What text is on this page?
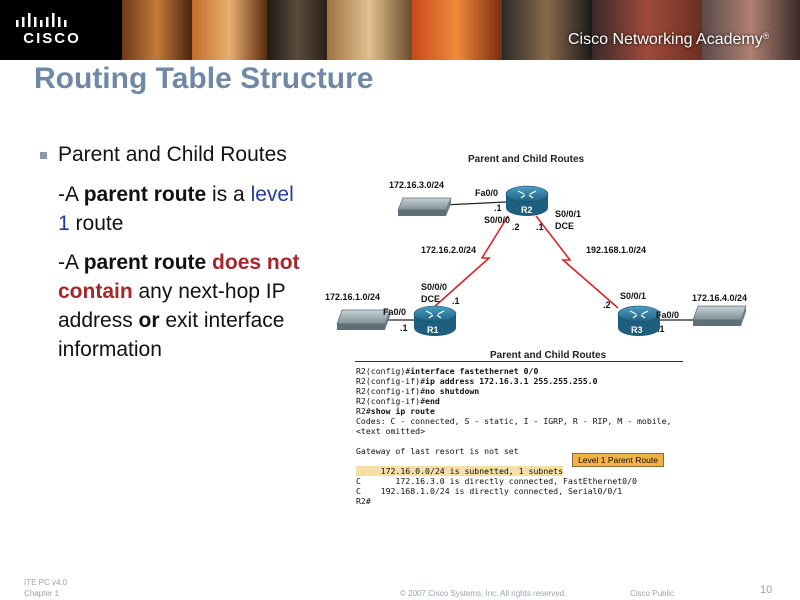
CISCO	Cisco Networking Academy®
Routing Table Structure
Parent and Child Routes
-A parent route is a level 1 route
-A parent route does not contain any next-hop IP address or exit interface information
Parent and Child Routes
R2
R1	R3
172.16.3.0/24
Fa0/0
.1
S0/0/0
.2
S0/0/1
.1 DCE
172.16.2.0/24	192.168.1.0/24
172.16.1.0/24
S0/0/0
DCE .1
Fa0/0
.1
S0/0/1
.2
Fa0/0
.1
172.16.4.0/24
Parent and Child Routes
R2(config)#interface fastethernet 0/0
R2(config-if)#ip address 172.16.3.1 255.255.255.0
R2(config-if)#no shutdown
R2(config-if)#end
R2#show ip route
Codes: C - connected, S - static, I - IGRP, R - RIP, M - mobile,
<text omitted>
Gateway of last resort is not set
172.16.0.0/24 is subnetted, 1 subnets
C       172.16.3.0 is directly connected, FastEthernet0/0
C    192.168.1.0/24 is directly connected, Serial0/0/1
R2#
Level 1 Parent Route
ITE PC v4.0
Chapter 1	© 2007 Cisco Systems, Inc. All rights reserved.	Cisco Public	10
